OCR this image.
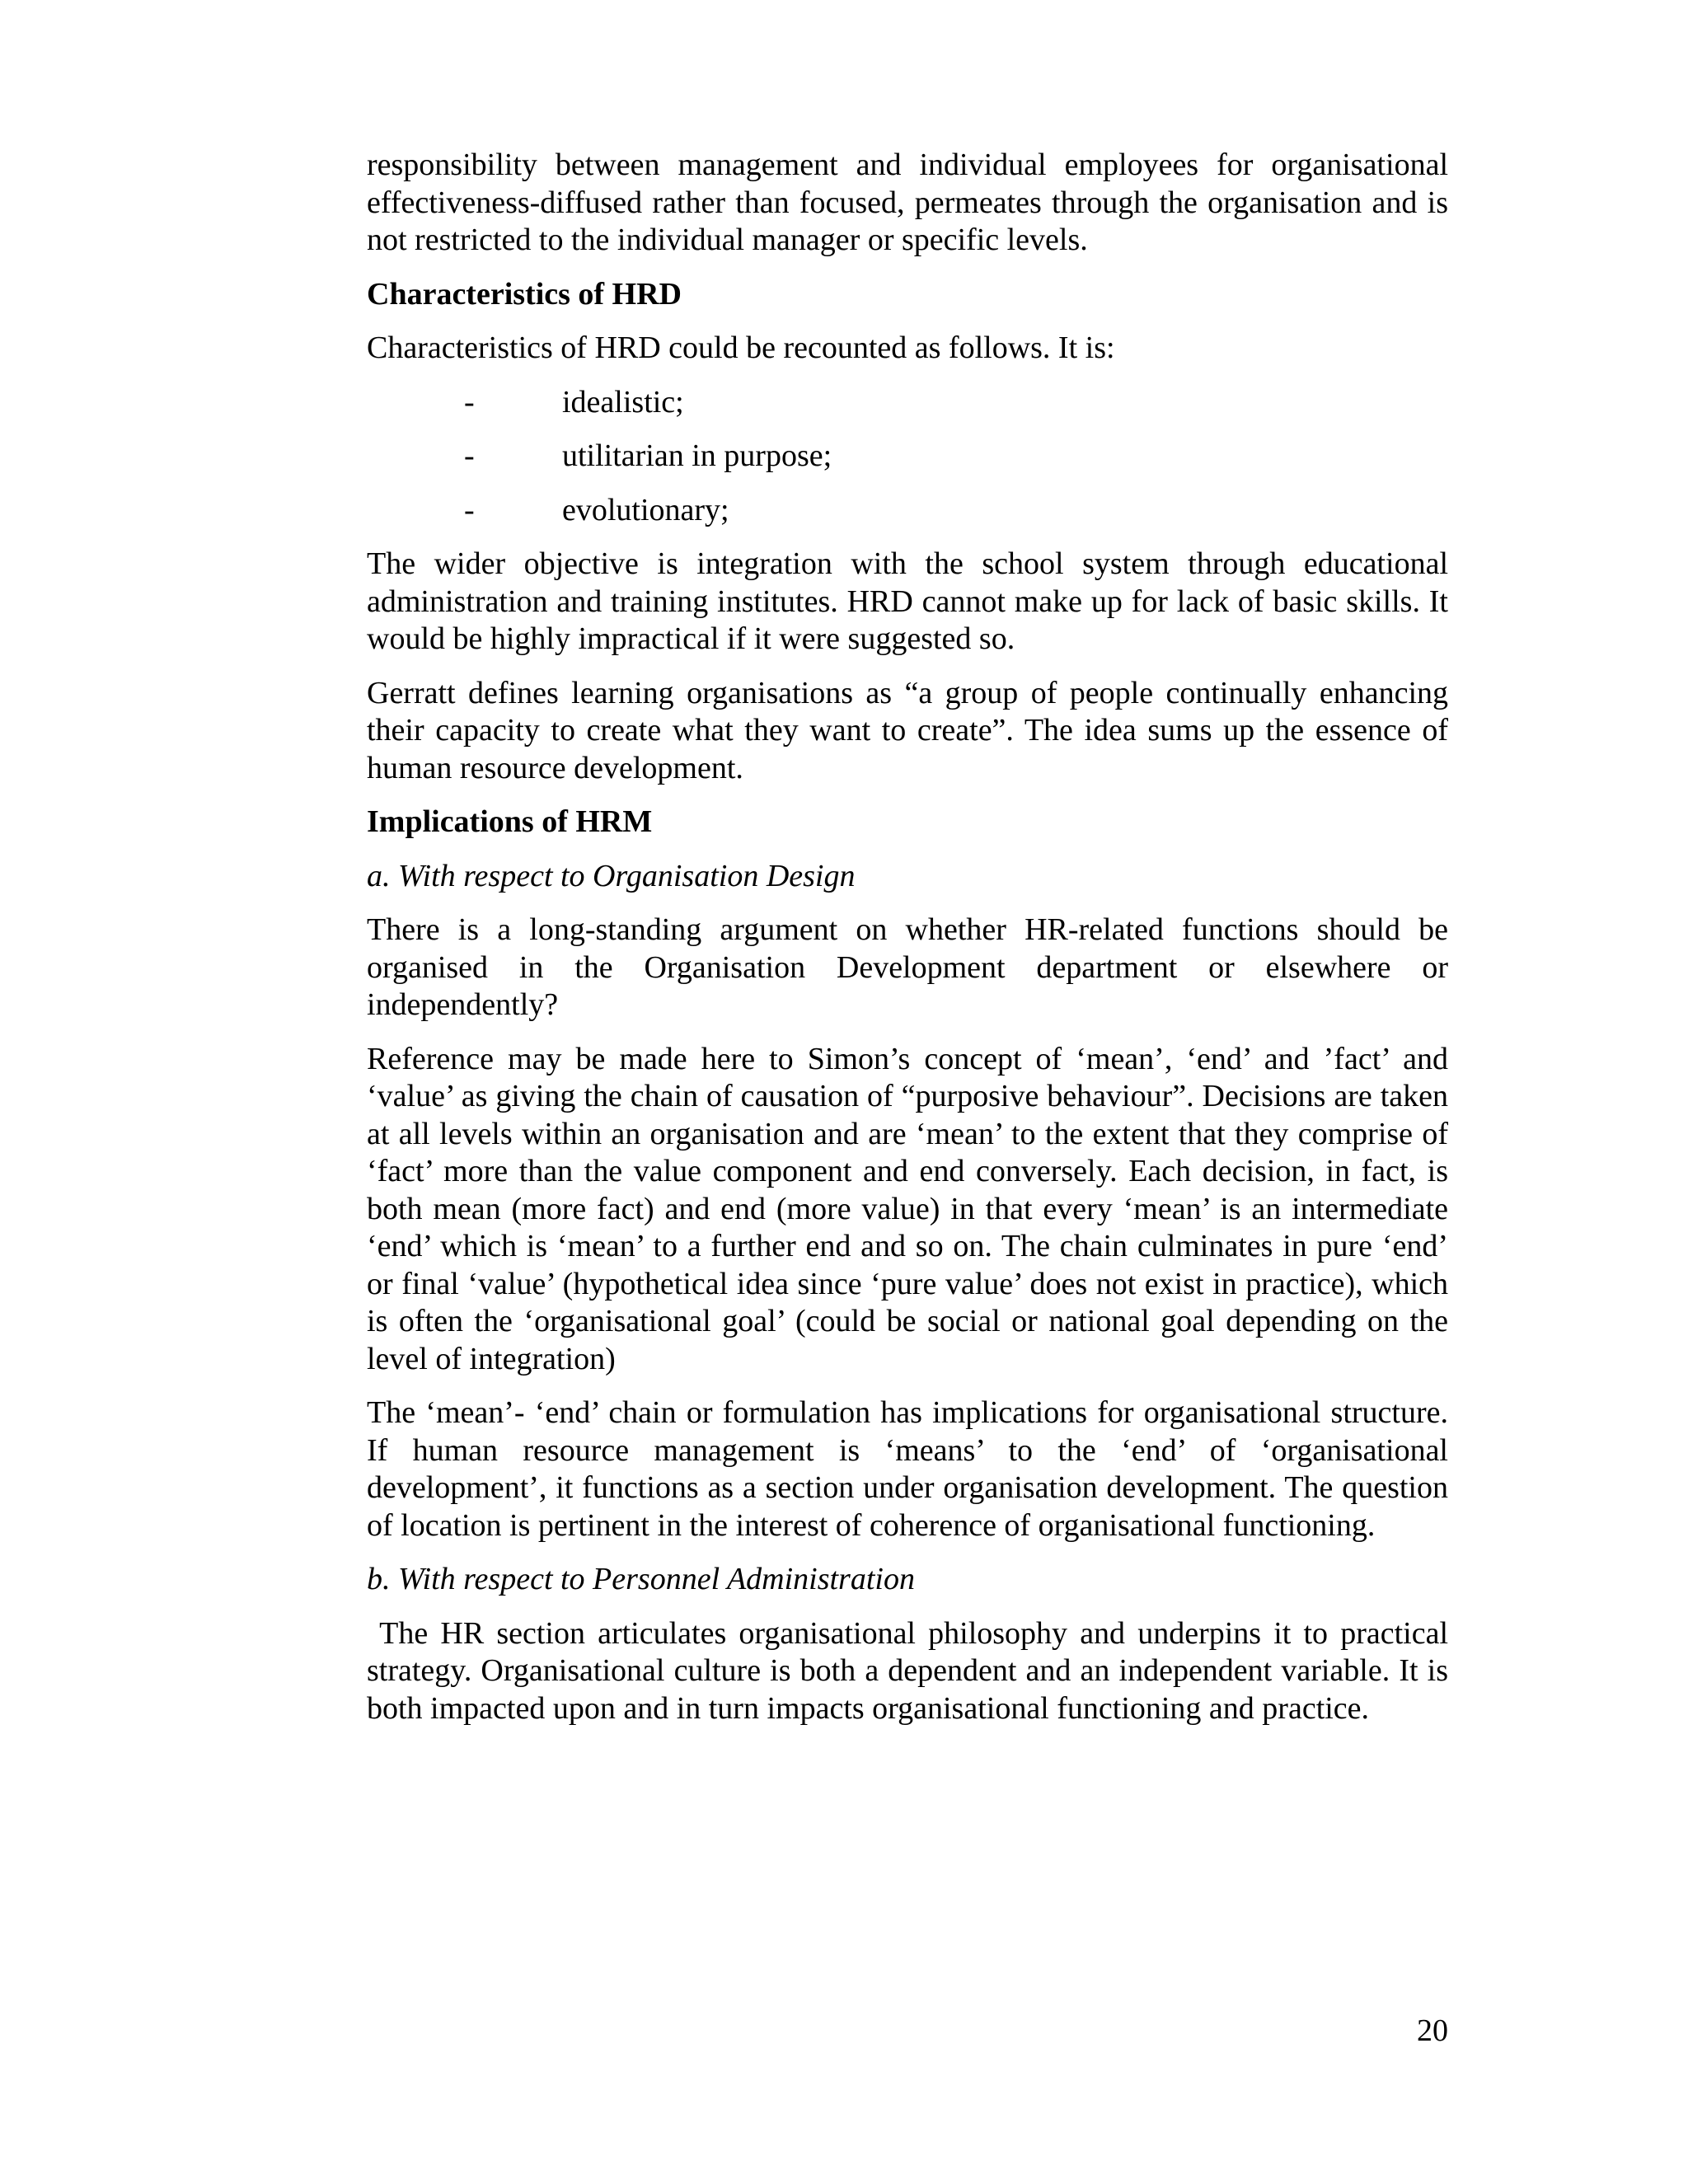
responsibility between management and individual employees for organisational effectiveness-diffused rather than focused, permeates through the organisation and is not restricted to the individual manager or specific levels.

Characteristics of HRD

Characteristics of HRD could be recounted as follows. It is:

-	idealistic;
-	utilitarian in purpose;
-	evolutionary;

The wider objective is integration with the school system through educational administration and training institutes. HRD cannot make up for lack of basic skills. It would be highly impractical if it were suggested so.

Gerratt defines learning organisations as “a group of people continually enhancing their capacity to create what they want to create”. The idea sums up the essence of human resource development.

Implications of HRM

a. With respect to Organisation Design

There is a long-standing argument on whether HR-related functions should be organised in the Organisation Development department or elsewhere or independently?

Reference may be made here to Simon’s concept of ‘mean’, ‘end’ and ’fact’ and ‘value’ as giving the chain of causation of “purposive behaviour”. Decisions are taken at all levels within an organisation and are ‘mean’ to the extent that they comprise of ‘fact’ more than the value component and end conversely. Each decision, in fact, is both mean (more fact) and end (more value) in that every ‘mean’ is an intermediate ‘end’ which is ‘mean’ to a further end and so on. The chain culminates in pure ‘end’ or final ‘value’ (hypothetical idea since ‘pure value’ does not exist in practice), which is often the ‘organisational goal’ (could be social or national goal depending on the level of integration)

The ‘mean’- ‘end’ chain or formulation has implications for organisational structure. If human resource management is ‘means’ to the ‘end’ of ‘organisational development’, it functions as a section under organisation development. The question of location is pertinent in the interest of coherence of organisational functioning.

b. With respect to Personnel Administration

The HR section articulates organisational philosophy and underpins it to practical strategy. Organisational culture is both a dependent and an independent variable. It is both impacted upon and in turn impacts organisational functioning and practice.

20
